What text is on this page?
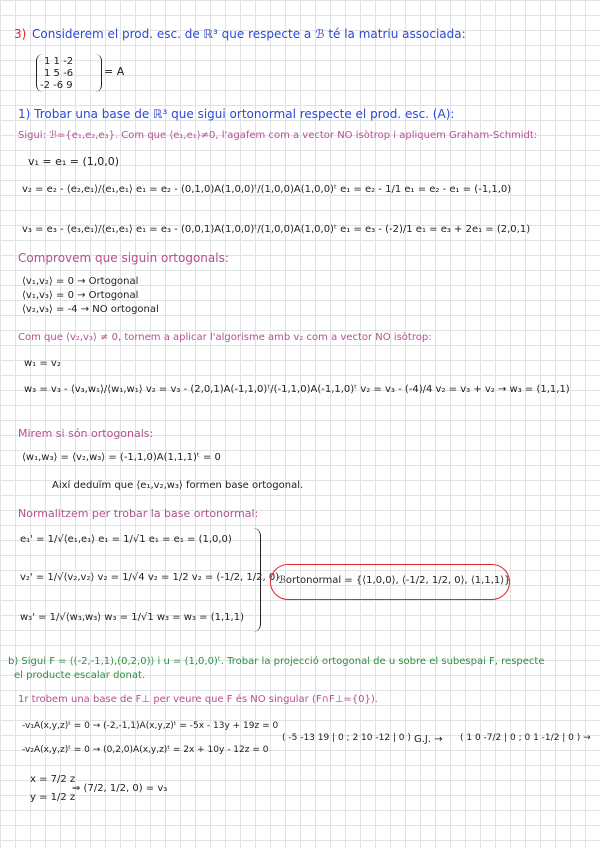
3) Considerem el prod. esc. de ℝ³ que respecte a ℬ té la matriu associada:
1 1 -2
1 5 -6
-2 -6 9
= A
1) Trobar una base de ℝ³ que sigui ortonormal respecte el prod. esc. (A):
Sigui: ℬ={e₁,e₂,e₃}. Com que ⟨e₁,e₁⟩≠0, l'agafem com a vector NO isòtrop i apliquem Graham-Schmidt:
v₁ = e₁ = (1,0,0)
v₂ = e₂ - ⟨e₂,e₁⟩/⟨e₁,e₁⟩ e₁ = e₂ - (0,1,0)A(1,0,0)ᵗ/(1,0,0)A(1,0,0)ᵗ e₁ = e₂ - 1/1 e₁ = e₂ - e₁ = (-1,1,0)
v₃ = e₃ - ⟨e₃,e₁⟩/⟨e₁,e₁⟩ e₁ = e₃ - (0,0,1)A(1,0,0)ᵗ/(1,0,0)A(1,0,0)ᵗ e₁ = e₃ - (-2)/1 e₁ = e₃ + 2e₁ = (2,0,1)
Comprovem que siguin ortogonals:
⟨v₁,v₂⟩ = 0 → Ortogonal
⟨v₁,v₃⟩ = 0 → Ortogonal
⟨v₂,v₃⟩ = -4 → NO ortogonal
Com que ⟨v₂,v₃⟩ ≠ 0, tornem a aplicar l'algorisme amb v₂ com a vector NO isòtrop:
w₁ = v₂
w₃ = v₃ - ⟨v₃,w₁⟩/⟨w₁,w₁⟩ v₂ = v₃ - (2,0,1)A(-1,1,0)ᵗ/(-1,1,0)A(-1,1,0)ᵗ v₂ = v₃ - (-4)/4 v₂ = v₃ + v₂ → w₃ = (1,1,1)
Mirem si són ortogonals:
⟨w₁,w₃⟩ = ⟨v₂,w₃⟩ = (-1,1,0)A(1,1,1)ᵗ = 0
Així deduïm que ⟨e₁,v₂,w₃⟩ formen base ortogonal.
Normalitzem per trobar la base ortonormal:
e₁' = 1/√⟨e₁,e₁⟩ e₁ = 1/√1 e₁ = e₁ = (1,0,0)
v₂' = 1/√⟨v₂,v₂⟩ v₂ = 1/√4 v₂ = 1/2 v₂ = (-1/2, 1/2, 0)
w₃' = 1/√⟨w₃,w₃⟩ w₃ = 1/√1 w₃ = w₃ = (1,1,1)
ℬortonormal = {⟨1,0,0⟩, ⟨-1/2, 1/2, 0⟩, ⟨1,1,1⟩}
b) Sigui F = ⟨(-2,-1,1),(0,2,0)⟩ i u = (1,0,0)ᵗ. Trobar la projecció ortogonal de u sobre el subespai F, respecte
el producte escalar donat.
1r trobem una base de F⊥ per veure que F és NO singular (F∩F⊥={0}).
-v₁A(x,y,z)ᵗ = 0 → (-2,-1,1)A(x,y,z)ᵗ = -5x - 13y + 19z = 0
-v₂A(x,y,z)ᵗ = 0 → (0,2,0)A(x,y,z)ᵗ = 2x + 10y - 12z = 0
( -5 -13 19 | 0 ; 2 10 -12 | 0 ) G.J. → ( 1 0 -7/2 | 0 ; 0 1 -1/2 | 0 ) →
x = 7/2 z
y = 1/2 z
⇒ (7/2, 1/2, 0) = v₃
